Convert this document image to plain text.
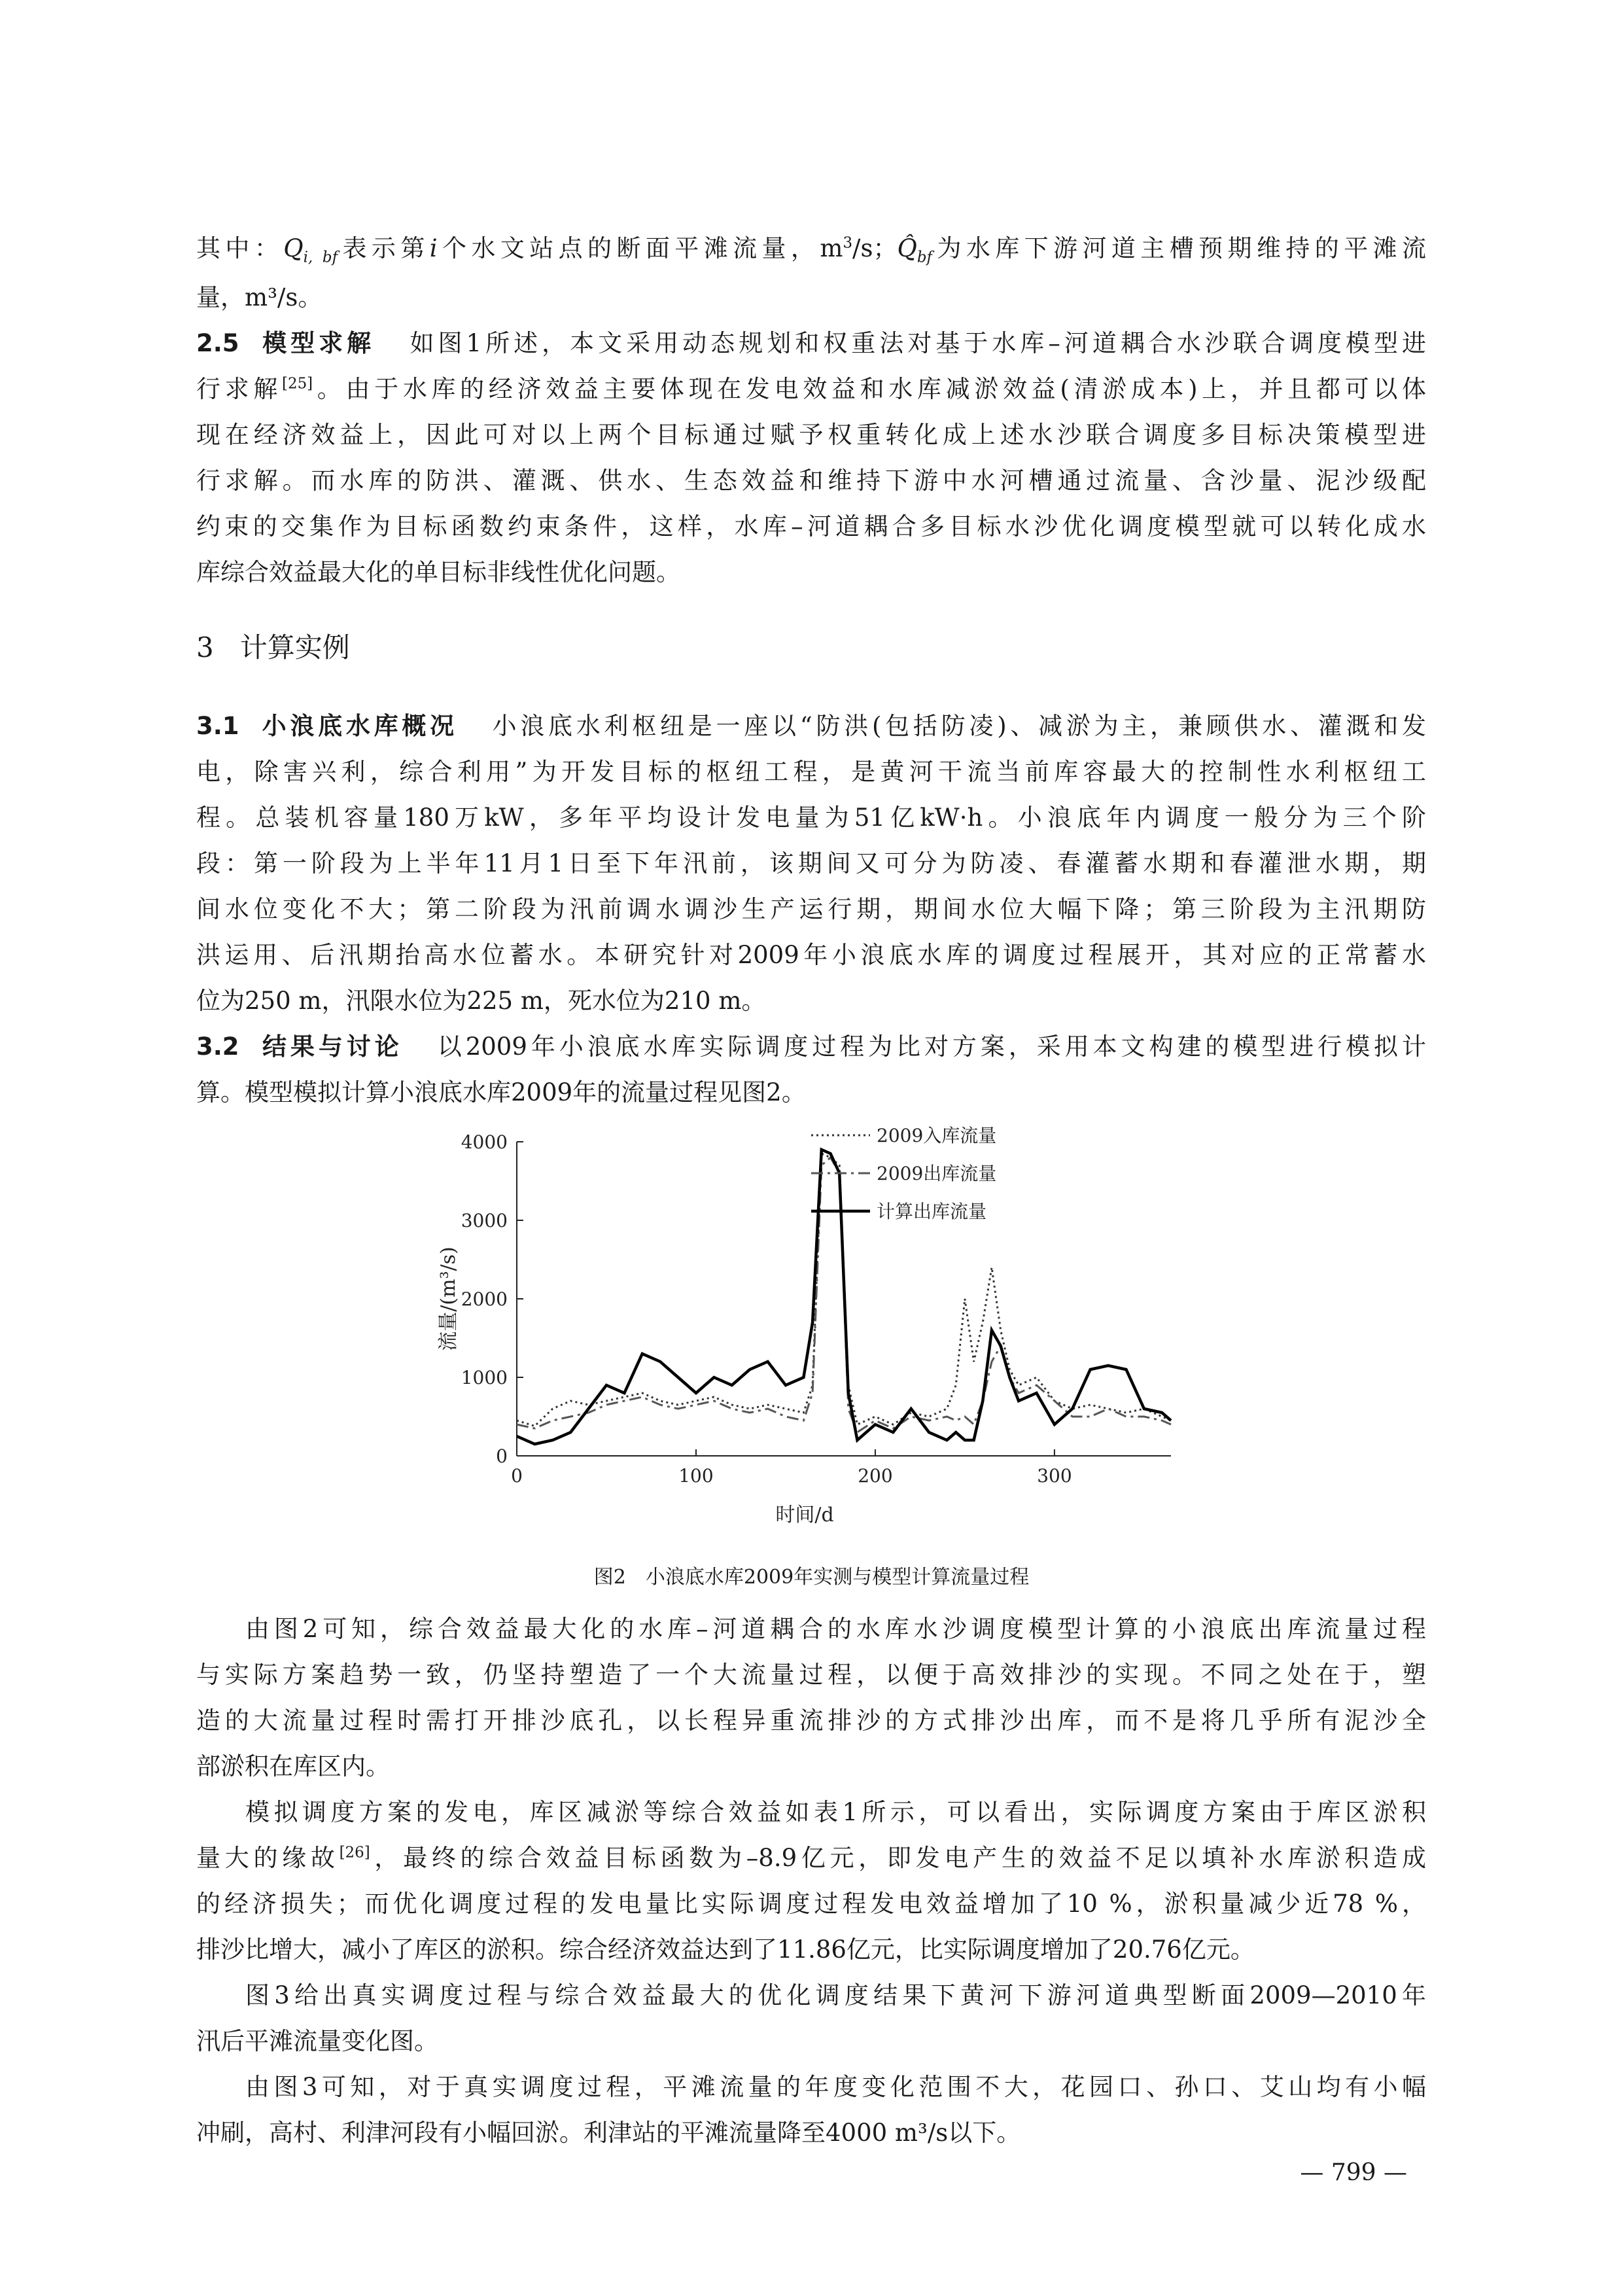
其中：$Q_{i, bf}$表示第i个水文站点的断面平滩流量，$m^3/s$；$Q̂_{bf}$为水库下游河道主槽预期维持的平滩流
量，m³/s。
2.5 模型求解 如图1所述，本文采用动态规划和权重法对基于水库–河道耦合水沙联合调度模型进
行求解[25]。由于水库的经济效益主要体现在发电效益和水库减淤效益(清淤成本)上，并且都可以体
现在经济效益上，因此可对以上两个目标通过赋予权重转化成上述水沙联合调度多目标决策模型进
行求解。而水库的防洪、灌溉、供水、生态效益和维持下游中水河槽通过流量、含沙量、泥沙级配
约束的交集作为目标函数约束条件，这样，水库–河道耦合多目标水沙优化调度模型就可以转化成水
库综合效益最大化的单目标非线性优化问题。
3 计算实例
3.1 小浪底水库概况 小浪底水利枢纽是一座以“防洪(包括防凌)、减淤为主，兼顾供水、灌溉和发
电，除害兴利，综合利用”为开发目标的枢纽工程，是黄河干流当前库容最大的控制性水利枢纽工
程。总装机容量180万kW，多年平均设计发电量为51亿kW·h。小浪底年内调度一般分为三个阶
段：第一阶段为上半年11月1日至下年汛前，该期间又可分为防凌、春灌蓄水期和春灌泄水期，期
间水位变化不大；第二阶段为汛前调水调沙生产运行期，期间水位大幅下降；第三阶段为主汛期防
洪运用、后汛期抬高水位蓄水。本研究针对2009年小浪底水库的调度过程展开，其对应的正常蓄水
位为250 m，汛限水位为225 m，死水位为210 m。
3.2 结果与讨论 以2009年小浪底水库实际调度过程为比对方案，采用本文构建的模型进行模拟计
算。模型模拟计算小浪底水库2009年的流量过程见图2。
0
1000
2000
3000
4000
0	100	200	300
时间/d
流量/(m³/s)
2009入库流量
2009出库流量
计算出库流量
图2　小浪底水库2009年实测与模型计算流量过程
由图2可知，综合效益最大化的水库–河道耦合的水库水沙调度模型计算的小浪底出库流量过程
与实际方案趋势一致，仍坚持塑造了一个大流量过程，以便于高效排沙的实现。不同之处在于，塑
造的大流量过程时需打开排沙底孔，以长程异重流排沙的方式排沙出库，而不是将几乎所有泥沙全
部淤积在库区内。
模拟调度方案的发电，库区减淤等综合效益如表1所示，可以看出，实际调度方案由于库区淤积
量大的缘故[26]，最终的综合效益目标函数为–8.9亿元，即发电产生的效益不足以填补水库淤积造成
的经济损失；而优化调度过程的发电量比实际调度过程发电效益增加了10 %，淤积量减少近78 %，
排沙比增大，减小了库区的淤积。综合经济效益达到了11.86亿元，比实际调度增加了20.76亿元。
图3给出真实调度过程与综合效益最大的优化调度结果下黄河下游河道典型断面2009—2010年
汛后平滩流量变化图。
由图3可知，对于真实调度过程，平滩流量的年度变化范围不大，花园口、孙口、艾山均有小幅
冲刷，高村、利津河段有小幅回淤。利津站的平滩流量降至4000 m³/s以下。
— 799 —
